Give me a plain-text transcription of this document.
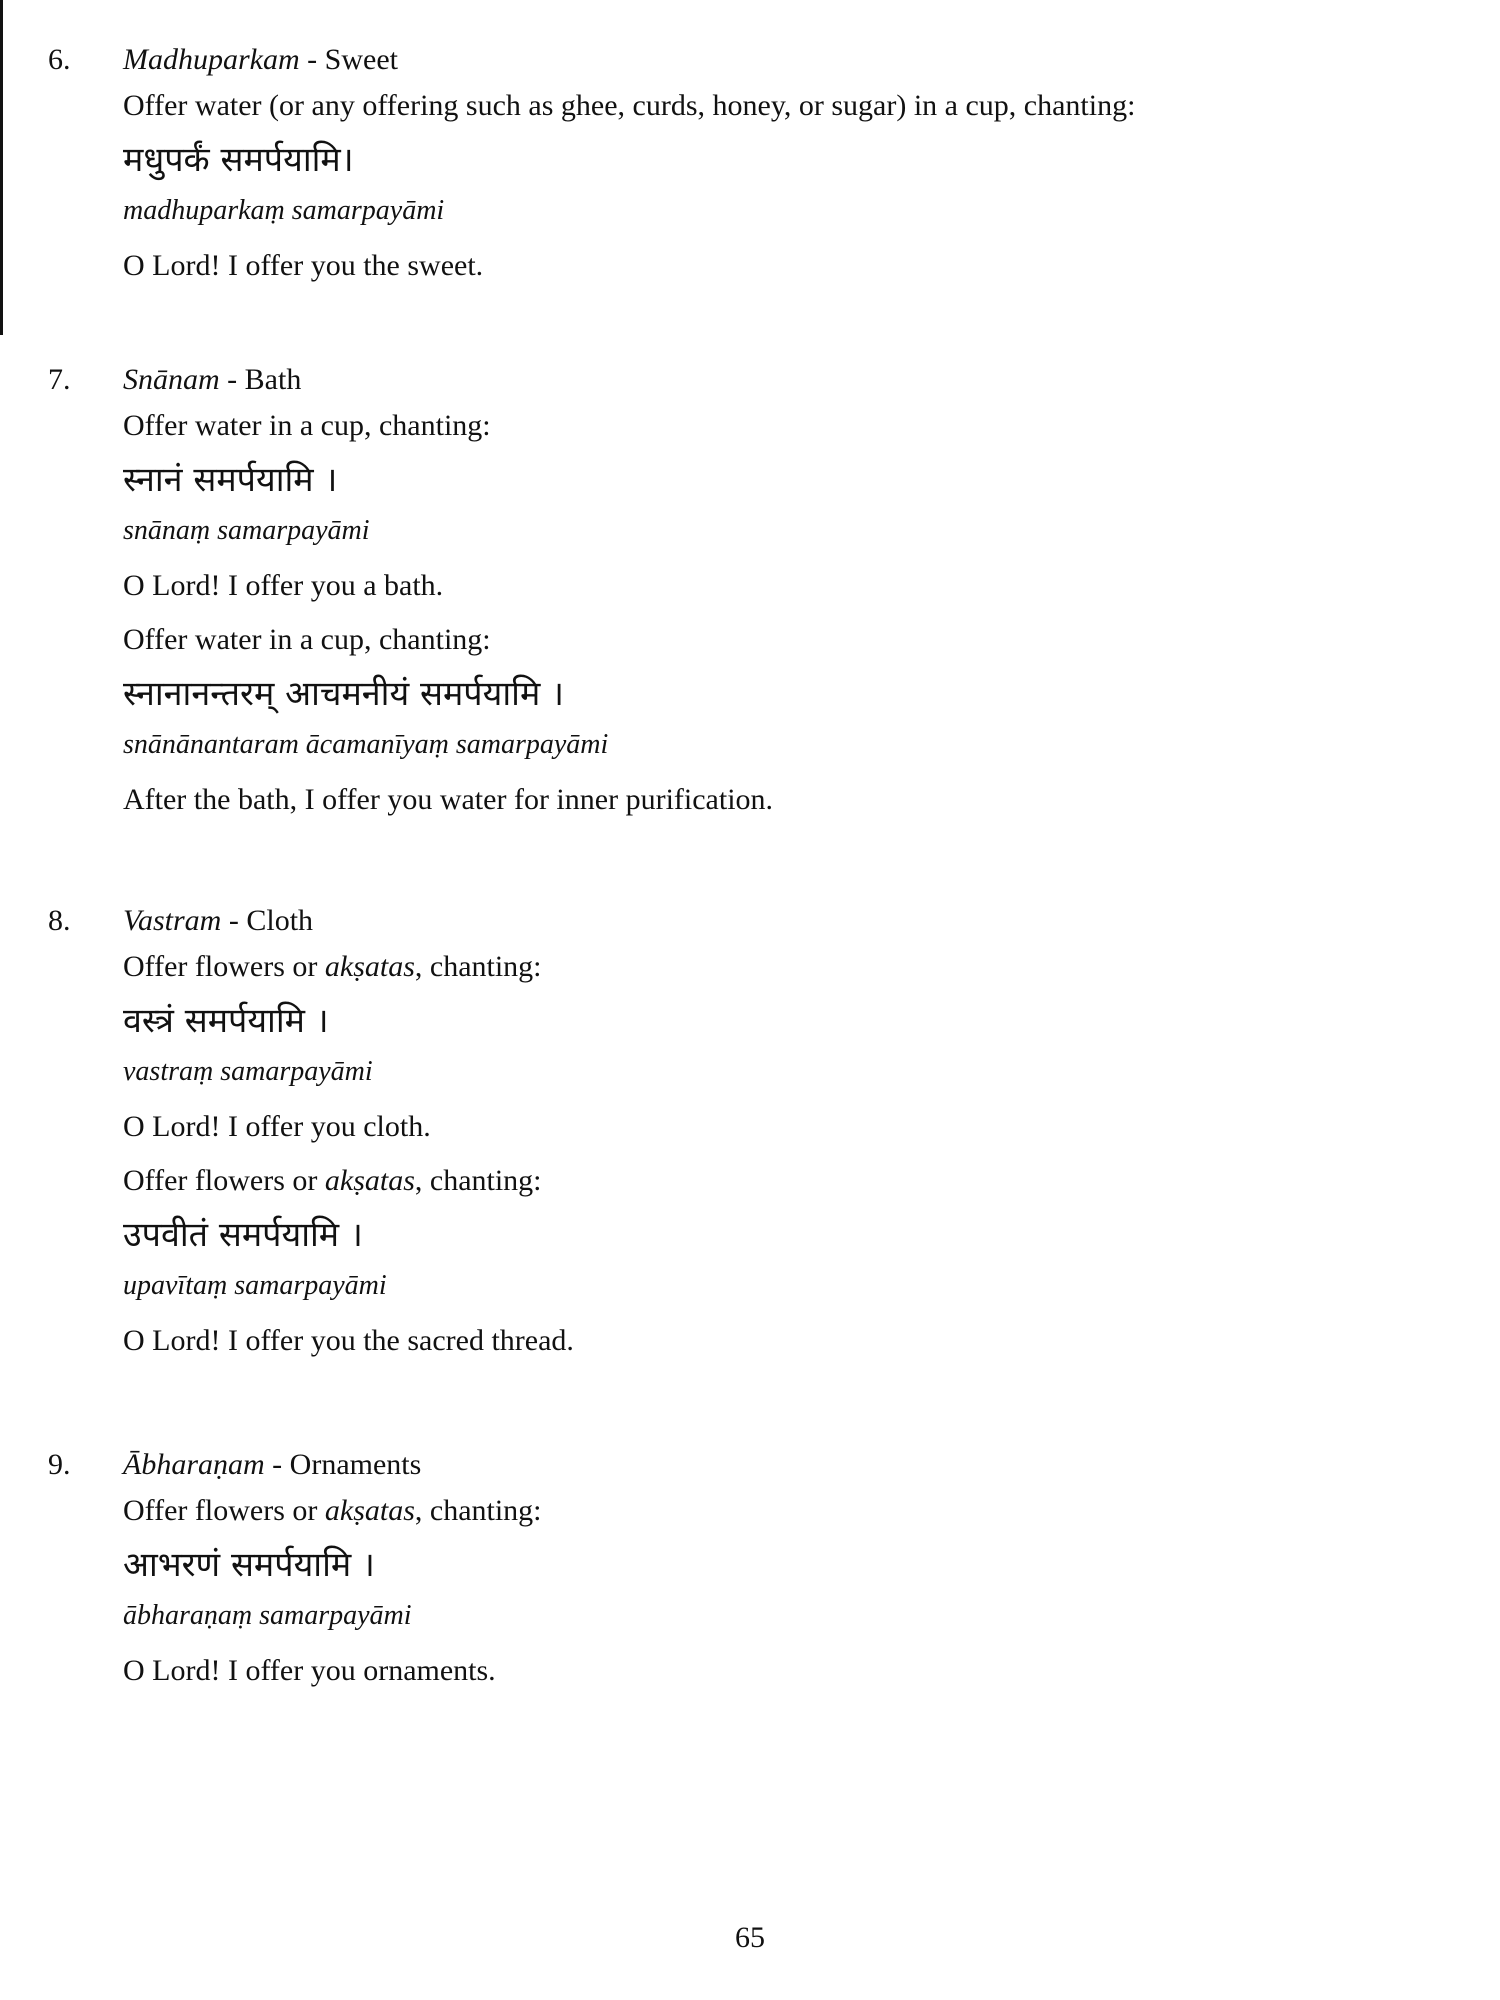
6. Madhuparkam - Sweet
Offer water (or any offering such as ghee, curds, honey, or sugar) in a cup, chanting:
मधुपर्कं समर्पयामि।
madhuparkaṃ samarpayāmi
O Lord! I offer you the sweet.
7. Snānam - Bath
Offer water in a cup, chanting:
स्नानं समर्पयामि ।
snānaṃ samarpayāmi
O Lord! I offer you a bath.
Offer water in a cup, chanting:
स्नानानन्तरम् आचमनीयं समर्पयामि ।
snānānantaram ācamanīyaṃ samarpayāmi
After the bath, I offer you water for inner purification.
8. Vastram - Cloth
Offer flowers or akṣatas, chanting:
वस्त्रं समर्पयामि ।
vastraṃ samarpayāmi
O Lord! I offer you cloth.
Offer flowers or akṣatas, chanting:
उपवीतं समर्पयामि ।
upavītaṃ samarpayāmi
O Lord! I offer you the sacred thread.
9. Ābharaṇam - Ornaments
Offer flowers or akṣatas, chanting:
आभरणं समर्पयामि ।
ābharaṇaṃ samarpayāmi
O Lord! I offer you ornaments.
65
